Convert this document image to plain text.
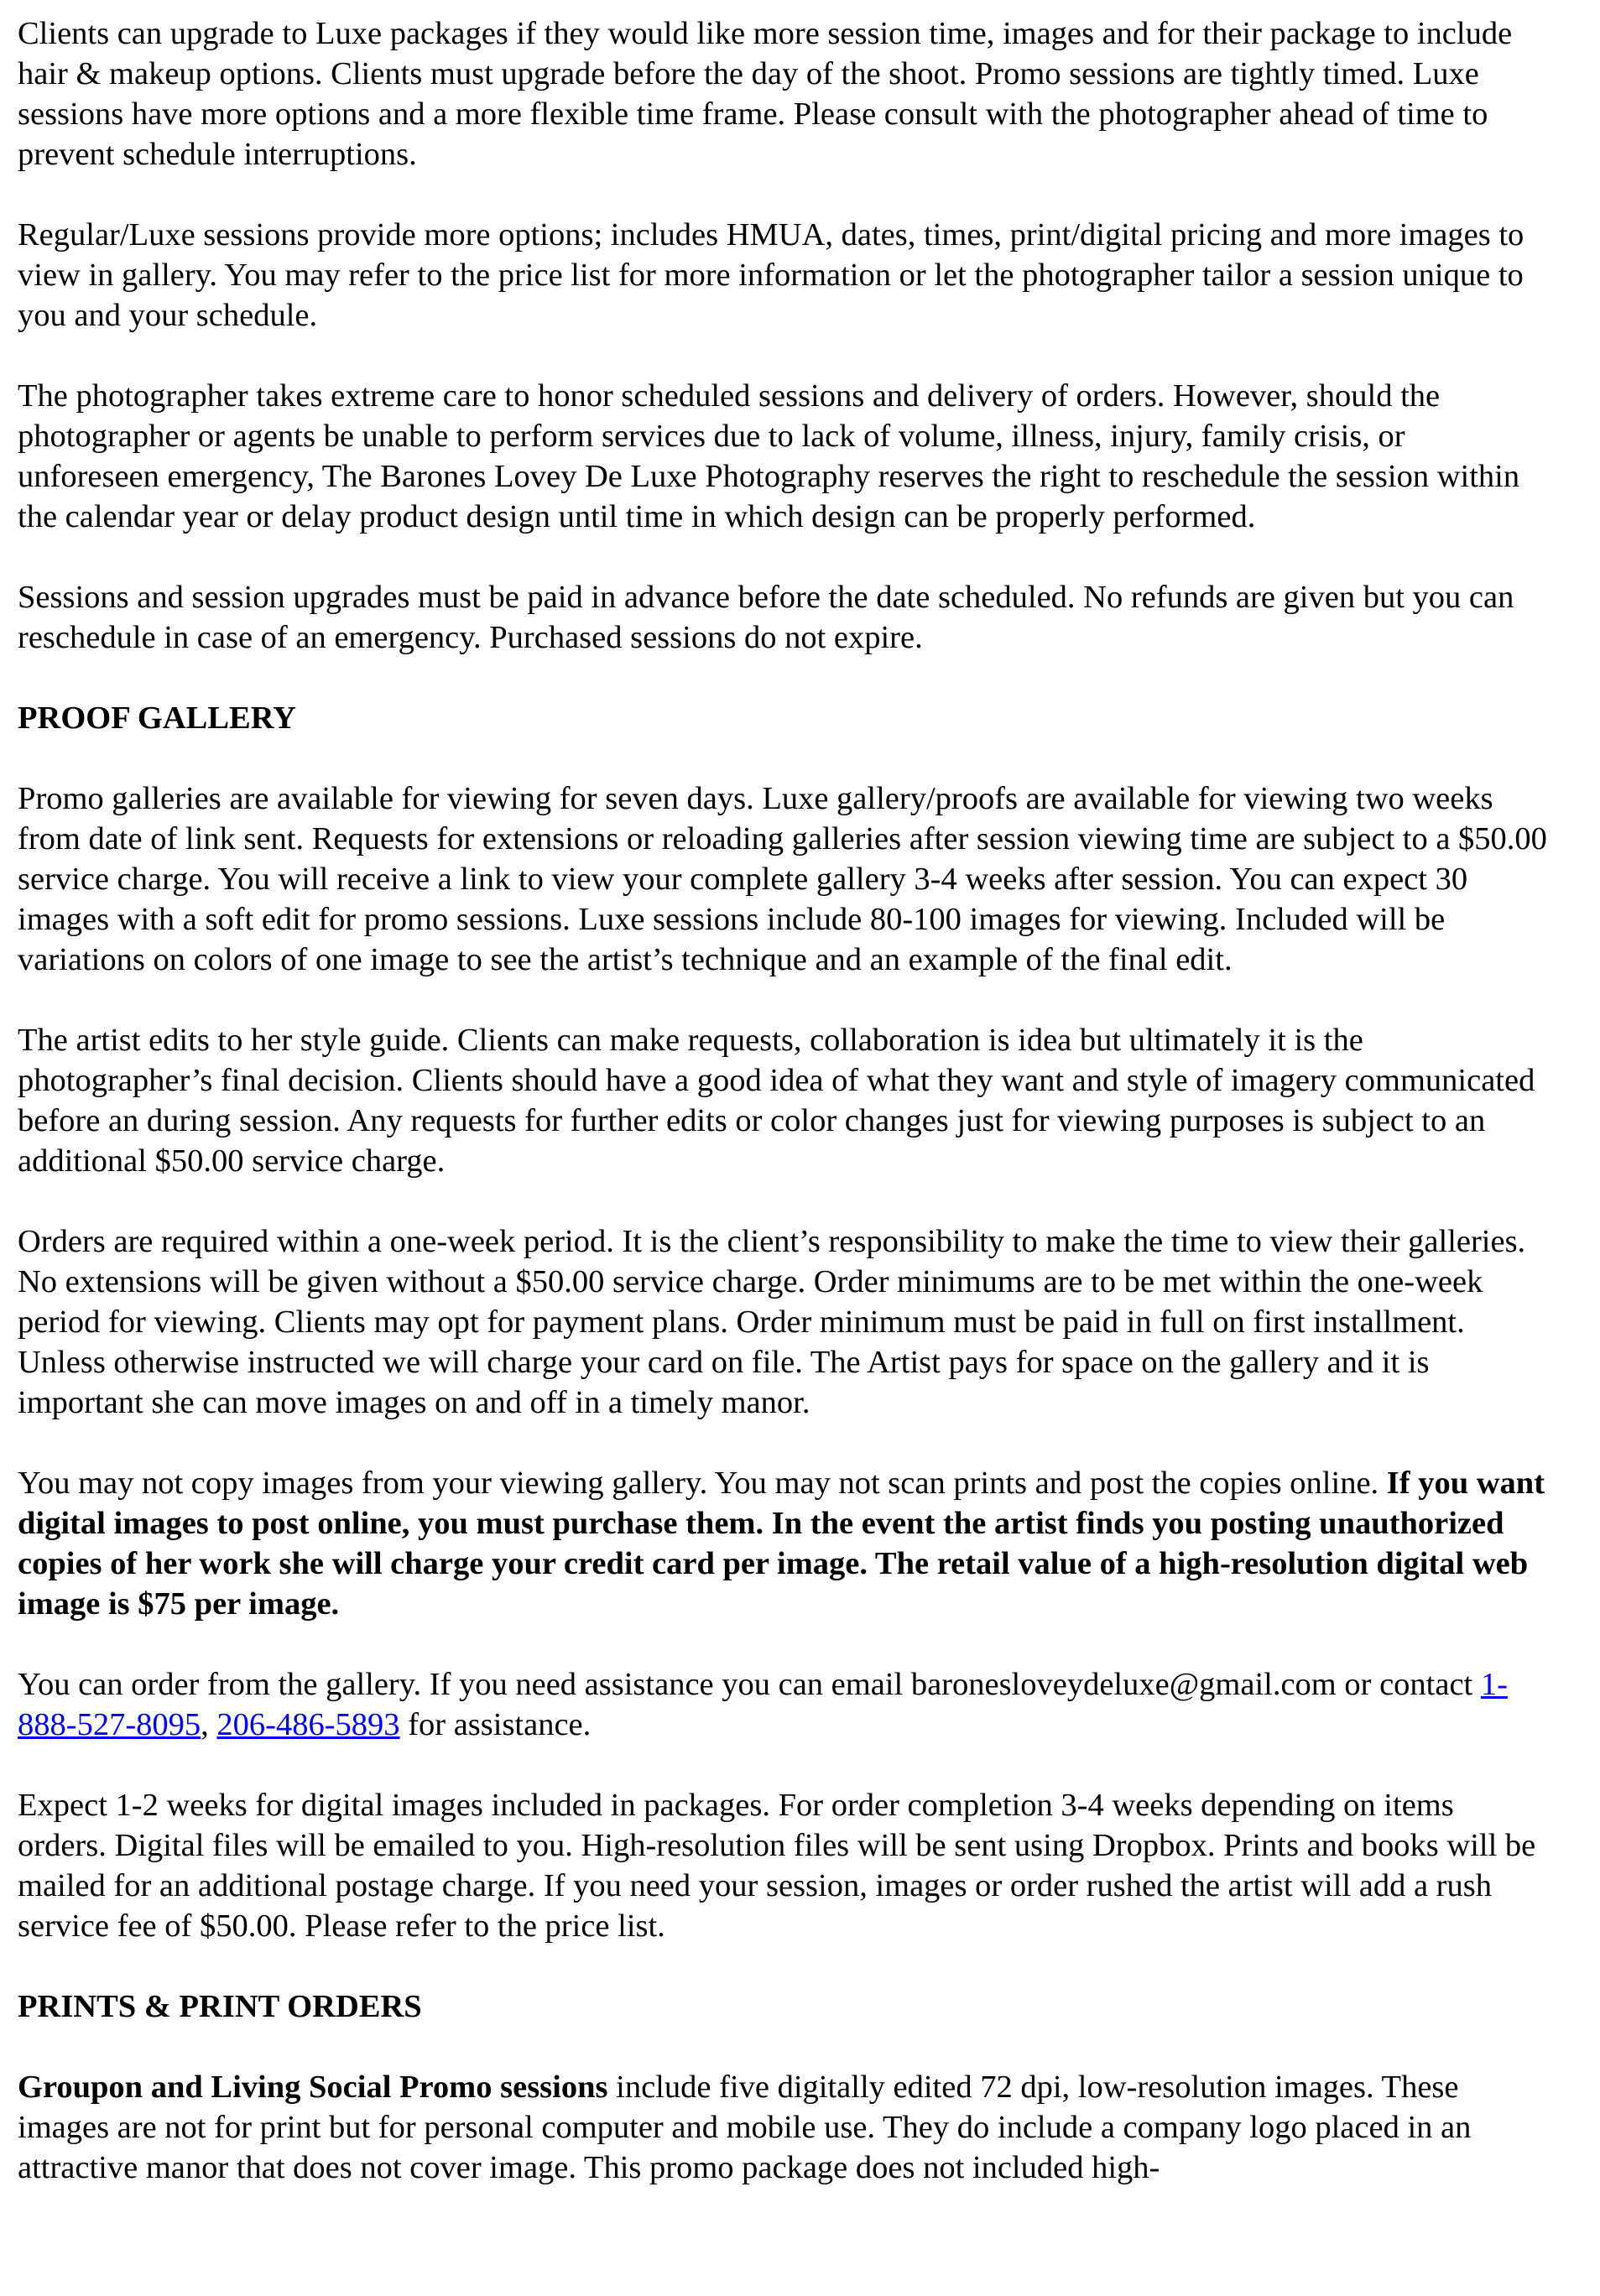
Clients can upgrade to Luxe packages if they would like more session time, images and for their package to include hair & makeup options. Clients must upgrade before the day of the shoot. Promo sessions are tightly timed. Luxe sessions have more options and a more flexible time frame. Please consult with the photographer ahead of time to prevent schedule interruptions.

Regular/Luxe sessions provide more options; includes HMUA, dates, times, print/digital pricing and more images to view in gallery. You may refer to the price list for more information or let the photographer tailor a session unique to you and your schedule.

The photographer takes extreme care to honor scheduled sessions and delivery of orders. However, should the photographer or agents be unable to perform services due to lack of volume, illness, injury, family crisis, or unforeseen emergency, The Barones Lovey De Luxe Photography reserves the right to reschedule the session within the calendar year or delay product design until time in which design can be properly performed.

Sessions and session upgrades must be paid in advance before the date scheduled. No refunds are given but you can reschedule in case of an emergency. Purchased sessions do not expire.

PROOF GALLERY

Promo galleries are available for viewing for seven days. Luxe gallery/proofs are available for viewing two weeks from date of link sent. Requests for extensions or reloading galleries after session viewing time are subject to a $50.00 service charge. You will receive a link to view your complete gallery 3-4 weeks after session. You can expect 30 images with a soft edit for promo sessions. Luxe sessions include 80-100 images for viewing. Included will be variations on colors of one image to see the artist’s technique and an example of the final edit.

The artist edits to her style guide. Clients can make requests, collaboration is idea but ultimately it is the photographer’s final decision. Clients should have a good idea of what they want and style of imagery communicated before an during session. Any requests for further edits or color changes just for viewing purposes is subject to an additional $50.00 service charge.

Orders are required within a one-week period. It is the client’s responsibility to make the time to view their galleries. No extensions will be given without a $50.00 service charge. Order minimums are to be met within the one-week period for viewing. Clients may opt for payment plans. Order minimum must be paid in full on first installment. Unless otherwise instructed we will charge your card on file. The Artist pays for space on the gallery and it is important she can move images on and off in a timely manor.

You may not copy images from your viewing gallery. You may not scan prints and post the copies online. If you want digital images to post online, you must purchase them. In the event the artist finds you posting unauthorized copies of her work she will charge your credit card per image. The retail value of a high-resolution digital web image is $75 per image.

You can order from the gallery. If you need assistance you can email baronesloveydeluxe@gmail.com or contact 1-888-527-8095, 206-486-5893 for assistance.

Expect 1-2 weeks for digital images included in packages. For order completion 3-4 weeks depending on items orders. Digital files will be emailed to you. High-resolution files will be sent using Dropbox. Prints and books will be mailed for an additional postage charge. If you need your session, images or order rushed the artist will add a rush service fee of $50.00. Please refer to the price list.

PRINTS & PRINT ORDERS

Groupon and Living Social Promo sessions include five digitally edited 72 dpi, low-resolution images. These images are not for print but for personal computer and mobile use. They do include a company logo placed in an attractive manor that does not cover image. This promo package does not included high-
